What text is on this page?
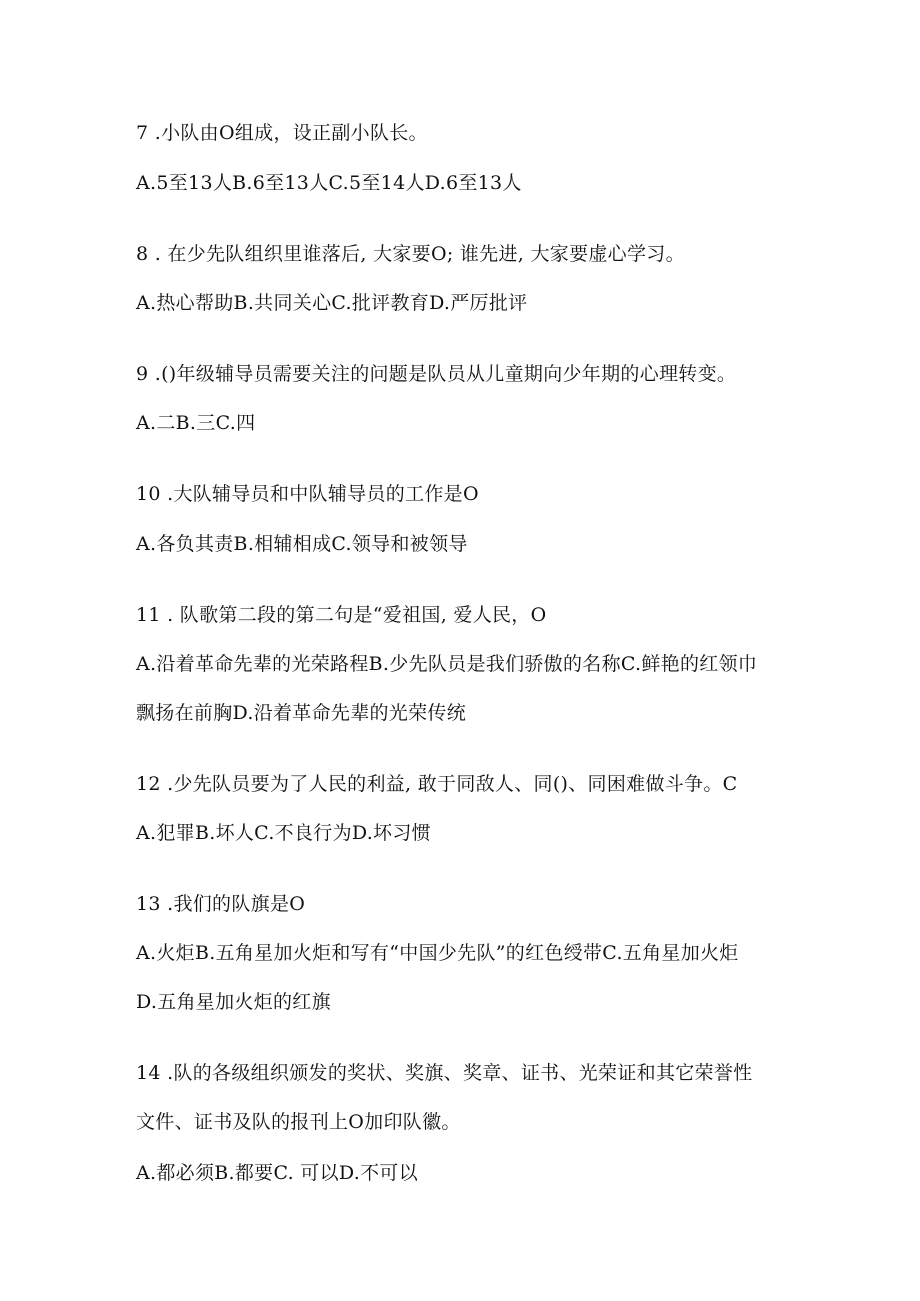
7 .小队由O组成，设正副小队长。
A.5至13人B.6至13人C.5至14人D.6至13人
8 . 在少先队组织里谁落后, 大家要O; 谁先进, 大家要虚心学习。
A.热心帮助B.共同关心C.批评教育D.严厉批评
9 .()年级辅导员需要关注的问题是队员从儿童期向少年期的心理转变。
A.二B.三C.四
10 .大队辅导员和中队辅导员的工作是O
A.各负其责B.相辅相成C.领导和被领导
11 . 队歌第二段的第二句是“爱祖国, 爱人民，O
A.沿着革命先辈的光荣路程B.少先队员是我们骄傲的名称C.鲜艳的红领巾
飘扬在前胸D.沿着革命先辈的光荣传统
12 .少先队员要为了人民的利益, 敢于同敌人、同()、同困难做斗争。C
A.犯罪B.坏人C.不良行为D.坏习惯
13 .我们的队旗是O
A.火炬B.五角星加火炬和写有“中国少先队”的红色绶带C.五角星加火炬
D.五角星加火炬的红旗
14 .队的各级组织颁发的奖状、奖旗、奖章、证书、光荣证和其它荣誉性
文件、证书及队的报刊上O加印队徽。
A.都必须B.都要C. 可以D.不可以
